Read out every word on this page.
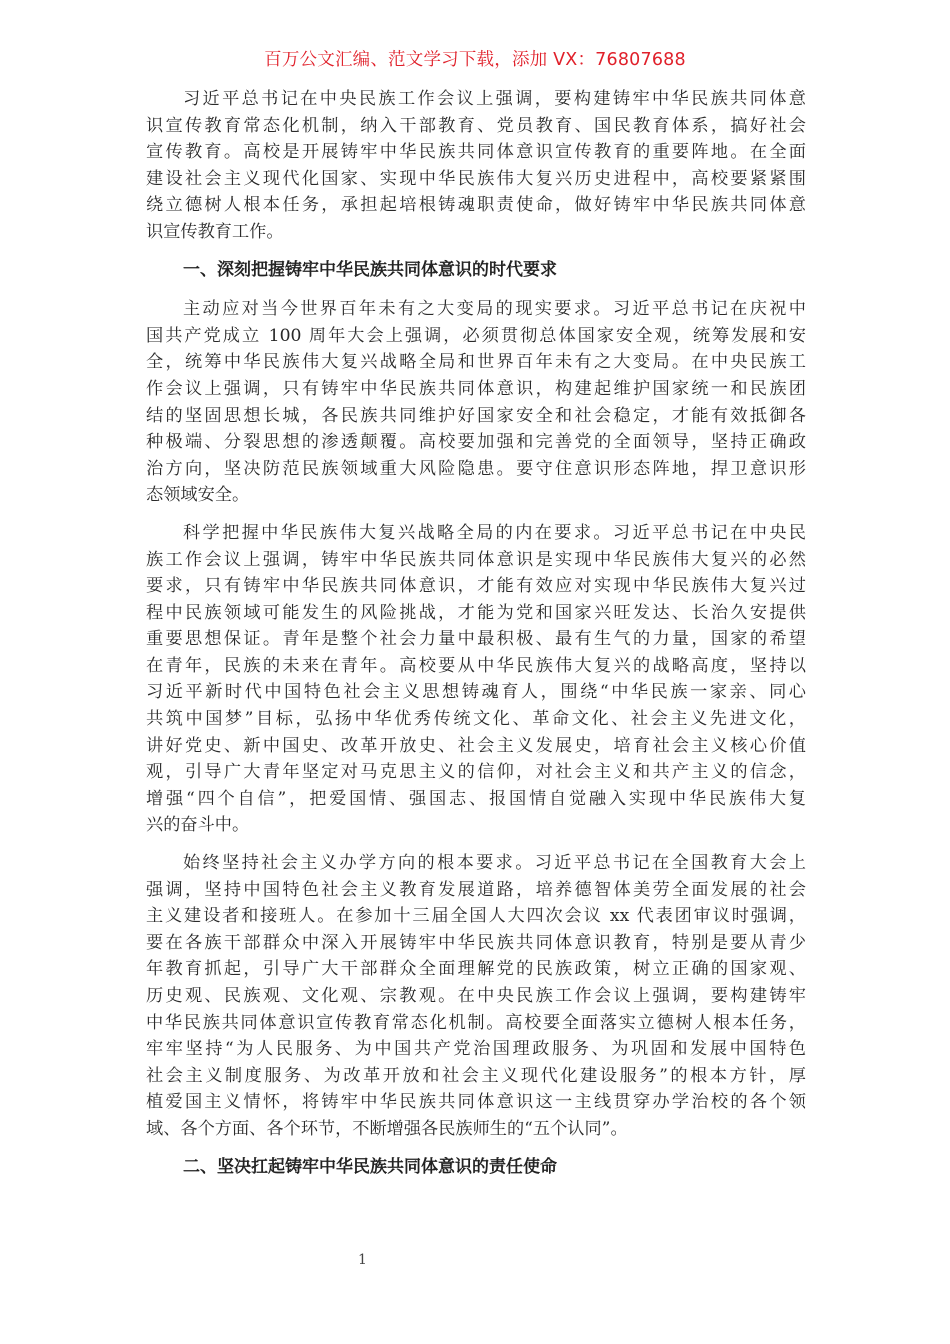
百万公文汇编、范文学习下载，添加 VX：76807688
习近平总书记在中央民族工作会议上强调，要构建铸牢中华民族共同体意
识宣传教育常态化机制，纳入干部教育、党员教育、国民教育体系，搞好社会
宣传教育。高校是开展铸牢中华民族共同体意识宣传教育的重要阵地。在全面
建设社会主义现代化国家、实现中华民族伟大复兴历史进程中，高校要紧紧围
绕立德树人根本任务，承担起培根铸魂职责使命，做好铸牢中华民族共同体意
识宣传教育工作。
一、深刻把握铸牢中华民族共同体意识的时代要求
主动应对当今世界百年未有之大变局的现实要求。习近平总书记在庆祝中
国共产党成立 100 周年大会上强调，必须贯彻总体国家安全观，统筹发展和安
全，统筹中华民族伟大复兴战略全局和世界百年未有之大变局。在中央民族工
作会议上强调，只有铸牢中华民族共同体意识，构建起维护国家统一和民族团
结的坚固思想长城，各民族共同维护好国家安全和社会稳定，才能有效抵御各
种极端、分裂思想的渗透颠覆。高校要加强和完善党的全面领导，坚持正确政
治方向，坚决防范民族领域重大风险隐患。要守住意识形态阵地，捍卫意识形
态领域安全。
科学把握中华民族伟大复兴战略全局的内在要求。习近平总书记在中央民
族工作会议上强调，铸牢中华民族共同体意识是实现中华民族伟大复兴的必然
要求，只有铸牢中华民族共同体意识，才能有效应对实现中华民族伟大复兴过
程中民族领域可能发生的风险挑战，才能为党和国家兴旺发达、长治久安提供
重要思想保证。青年是整个社会力量中最积极、最有生气的力量，国家的希望
在青年，民族的未来在青年。高校要从中华民族伟大复兴的战略高度，坚持以
习近平新时代中国特色社会主义思想铸魂育人，围绕“中华民族一家亲、同心
共筑中国梦”目标，弘扬中华优秀传统文化、革命文化、社会主义先进文化，
讲好党史、新中国史、改革开放史、社会主义发展史，培育社会主义核心价值
观，引导广大青年坚定对马克思主义的信仰，对社会主义和共产主义的信念，
增强“四个自信”，把爱国情、强国志、报国情自觉融入实现中华民族伟大复
兴的奋斗中。
始终坚持社会主义办学方向的根本要求。习近平总书记在全国教育大会上
强调，坚持中国特色社会主义教育发展道路，培养德智体美劳全面发展的社会
主义建设者和接班人。在参加十三届全国人大四次会议 xx 代表团审议时强调，
要在各族干部群众中深入开展铸牢中华民族共同体意识教育，特别是要从青少
年教育抓起，引导广大干部群众全面理解党的民族政策，树立正确的国家观、
历史观、民族观、文化观、宗教观。在中央民族工作会议上强调，要构建铸牢
中华民族共同体意识宣传教育常态化机制。高校要全面落实立德树人根本任务，
牢牢坚持“为人民服务、为中国共产党治国理政服务、为巩固和发展中国特色
社会主义制度服务、为改革开放和社会主义现代化建设服务”的根本方针，厚
植爱国主义情怀，将铸牢中华民族共同体意识这一主线贯穿办学治校的各个领
域、各个方面、各个环节，不断增强各民族师生的“五个认同”。
二、坚决扛起铸牢中华民族共同体意识的责任使命
1
